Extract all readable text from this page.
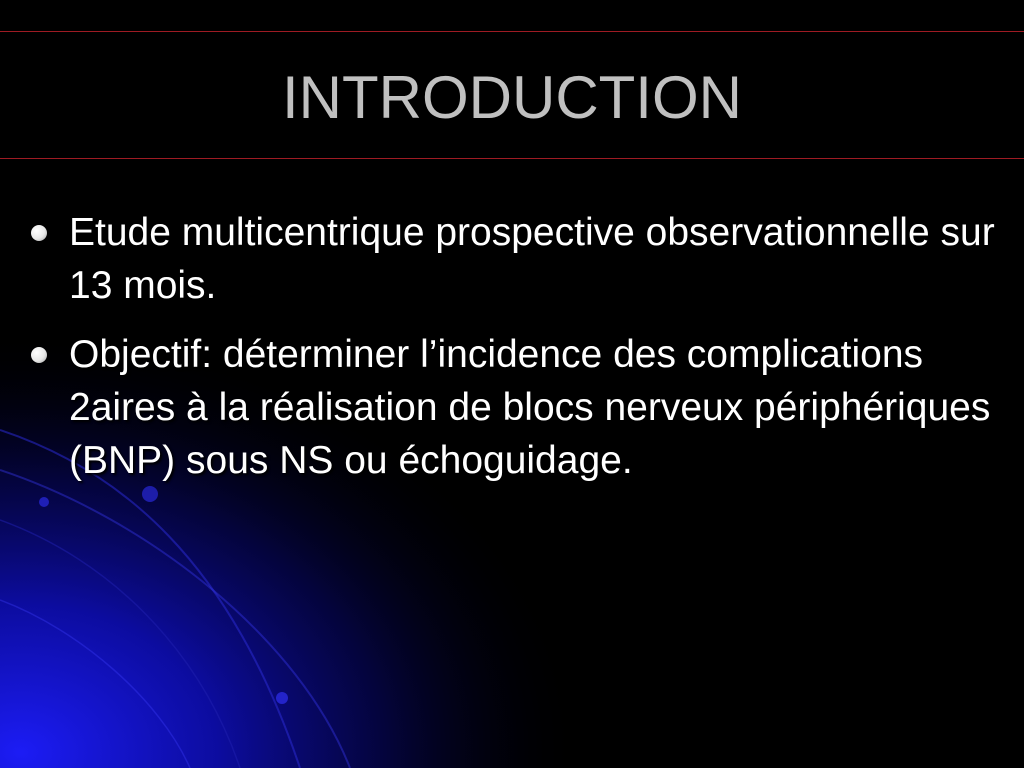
INTRODUCTION
Etude multicentrique prospective observationnelle sur 13 mois.
Objectif: déterminer l’incidence des complications 2aires à la réalisation de blocs nerveux périphériques (BNP) sous NS ou échoguidage.
